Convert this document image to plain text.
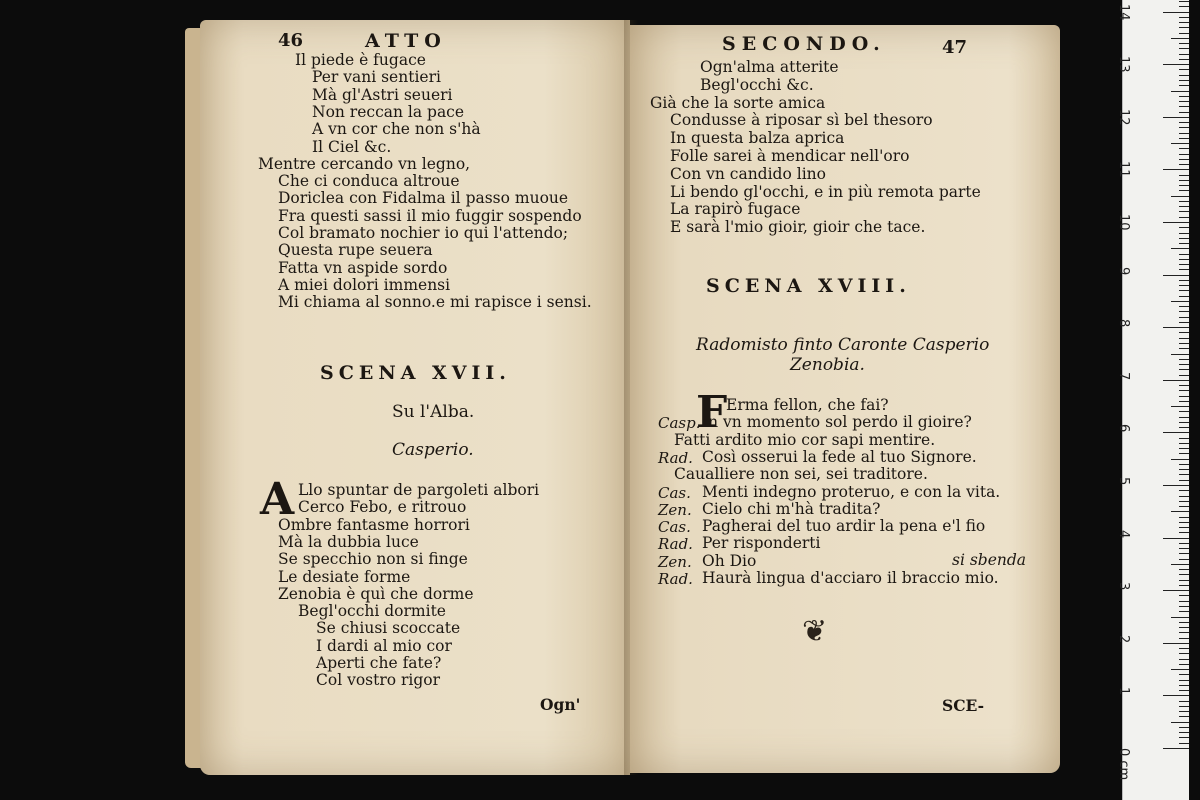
46	ATTO
Il piede è fugace
Per vani sentieri
Mà gl'Astri seueri
Non reccan la pace
A vn cor che non s'hà
Il Ciel &c.
Mentre cercando vn legno,
Che ci conduca altroue
Doriclea con Fidalma il passo muoue
Fra questi sassi il mio fuggir sospendo
Col bramato nochier io qui l'attendo;
Questa rupe seuera
Fatta vn aspide sordo
A miei dolori immensi
Mi chiama al sonno.e mi rapisce i sensi.
SCENA XVII.
Su l'Alba.
Casperio.
A Llo spuntar de pargoleti albori
Cerco Febo, e ritrouo
Ombre fantasme horrori
Mà la dubbia luce
Se specchio non si finge
Le desiate forme
Zenobia è quì che dorme
Begl'occhi dormite
Se chiusi scoccate
I dardi al mio cor
Aperti che fate?
Col vostro rigor
Ogn'
SECONDO.	47
Ogn'alma atterite
Begl'occhi &c.
Già che la sorte amica
Condusse à riposar sì bel thesoro
In questa balza aprica
Folle sarei à mendicar nell'oro
Con vn candido lino
Li bendo gl'occhi, e in più remota parte
La rapirò fugace
E sarà l'mio gioir, gioir che tace.
SCENA XVIII.
Radomisto finto Caronte Casperio
Zenobia.
F
Erma fellon, che fai?
Casp. In vn momento sol perdo il gioire?
Fatti ardito mio cor sapi mentire.
Rad. Così osserui la fede al tuo Signore.
Caualliere non sei, sei traditore.
Cas. Menti indegno proteruo, e con la vita.
Zen. Cielo chi m'hà tradita?
Cas. Pagherai del tuo ardir la pena e'l fio
Rad. Per risponderti
Zen. Oh Dio
Rad. Haurà lingua d'acciaro il braccio mio.
si sbenda
SCE-
❦
1
2
3
4
5
6
7
8
9
10
11
12
13
14
0 cm
